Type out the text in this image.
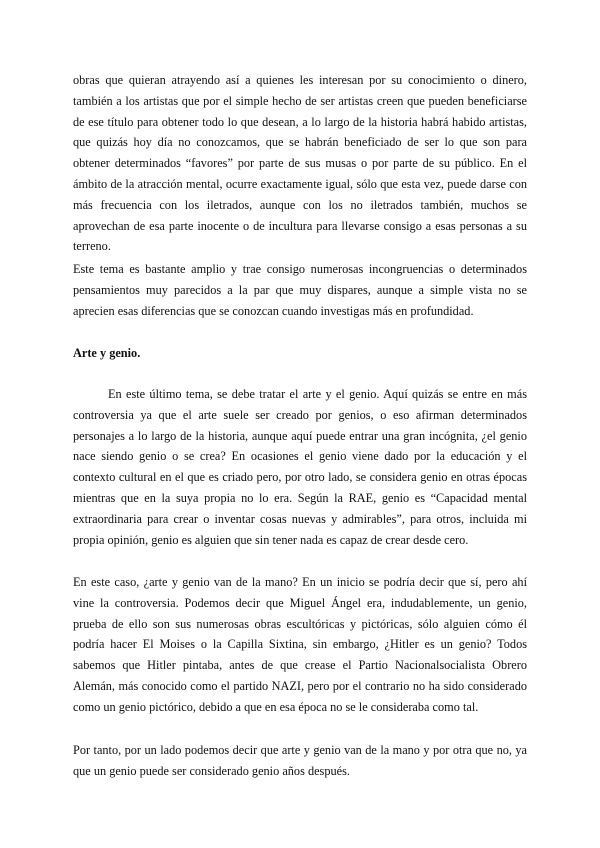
obras que quieran atrayendo así a quienes les interesan por su conocimiento o dinero, también a los artistas que por el simple hecho de ser artistas creen que pueden beneficiarse de ese título para obtener todo lo que desean, a lo largo de la historia habrá habido artistas, que quizás hoy día no conozcamos, que se habrán beneficiado de ser lo que son para obtener determinados “favores” por parte de sus musas o por parte de su público. En el ámbito de la atracción mental, ocurre exactamente igual, sólo que esta vez, puede darse con más frecuencia con los iletrados, aunque con los no iletrados también, muchos se aprovechan de esa parte inocente o de incultura para llevarse consigo a esas personas a su terreno.

Este tema es bastante amplio y trae consigo numerosas incongruencias o determinados pensamientos muy parecidos a la par que muy dispares, aunque a simple vista no se aprecien esas diferencias que se conozcan cuando investigas más en profundidad.

Arte y genio.

En este último tema, se debe tratar el arte y el genio. Aquí quizás se entre en más controversia ya que el arte suele ser creado por genios, o eso afirman determinados personajes a lo largo de la historia, aunque aquí puede entrar una gran incógnita, ¿el genio nace siendo genio o se crea? En ocasiones el genio viene dado por la educación y el contexto cultural en el que es criado pero, por otro lado, se considera genio en otras épocas mientras que en la suya propia no lo era. Según la RAE, genio es “Capacidad mental extraordinaria para crear o inventar cosas nuevas y admirables”, para otros, incluida mi propia opinión, genio es alguien que sin tener nada es capaz de crear desde cero.

En este caso, ¿arte y genio van de la mano? En un inicio se podría decir que sí, pero ahí vine la controversia. Podemos decir que Miguel Ángel era, indudablemente, un genio, prueba de ello son sus numerosas obras escultóricas y pictóricas, sólo alguien cómo él podría hacer El Moises o la Capilla Sixtina, sin embargo, ¿Hitler es un genio? Todos sabemos que Hitler pintaba, antes de que crease el Partio Nacionalsocialista Obrero Alemán, más conocido como el partido NAZI, pero por el contrario no ha sido considerado como un genio pictórico, debido a que en esa época no se le consideraba como tal.

Por tanto, por un lado podemos decir que arte y genio van de la mano y por otra que no, ya que un genio puede ser considerado genio años después.
